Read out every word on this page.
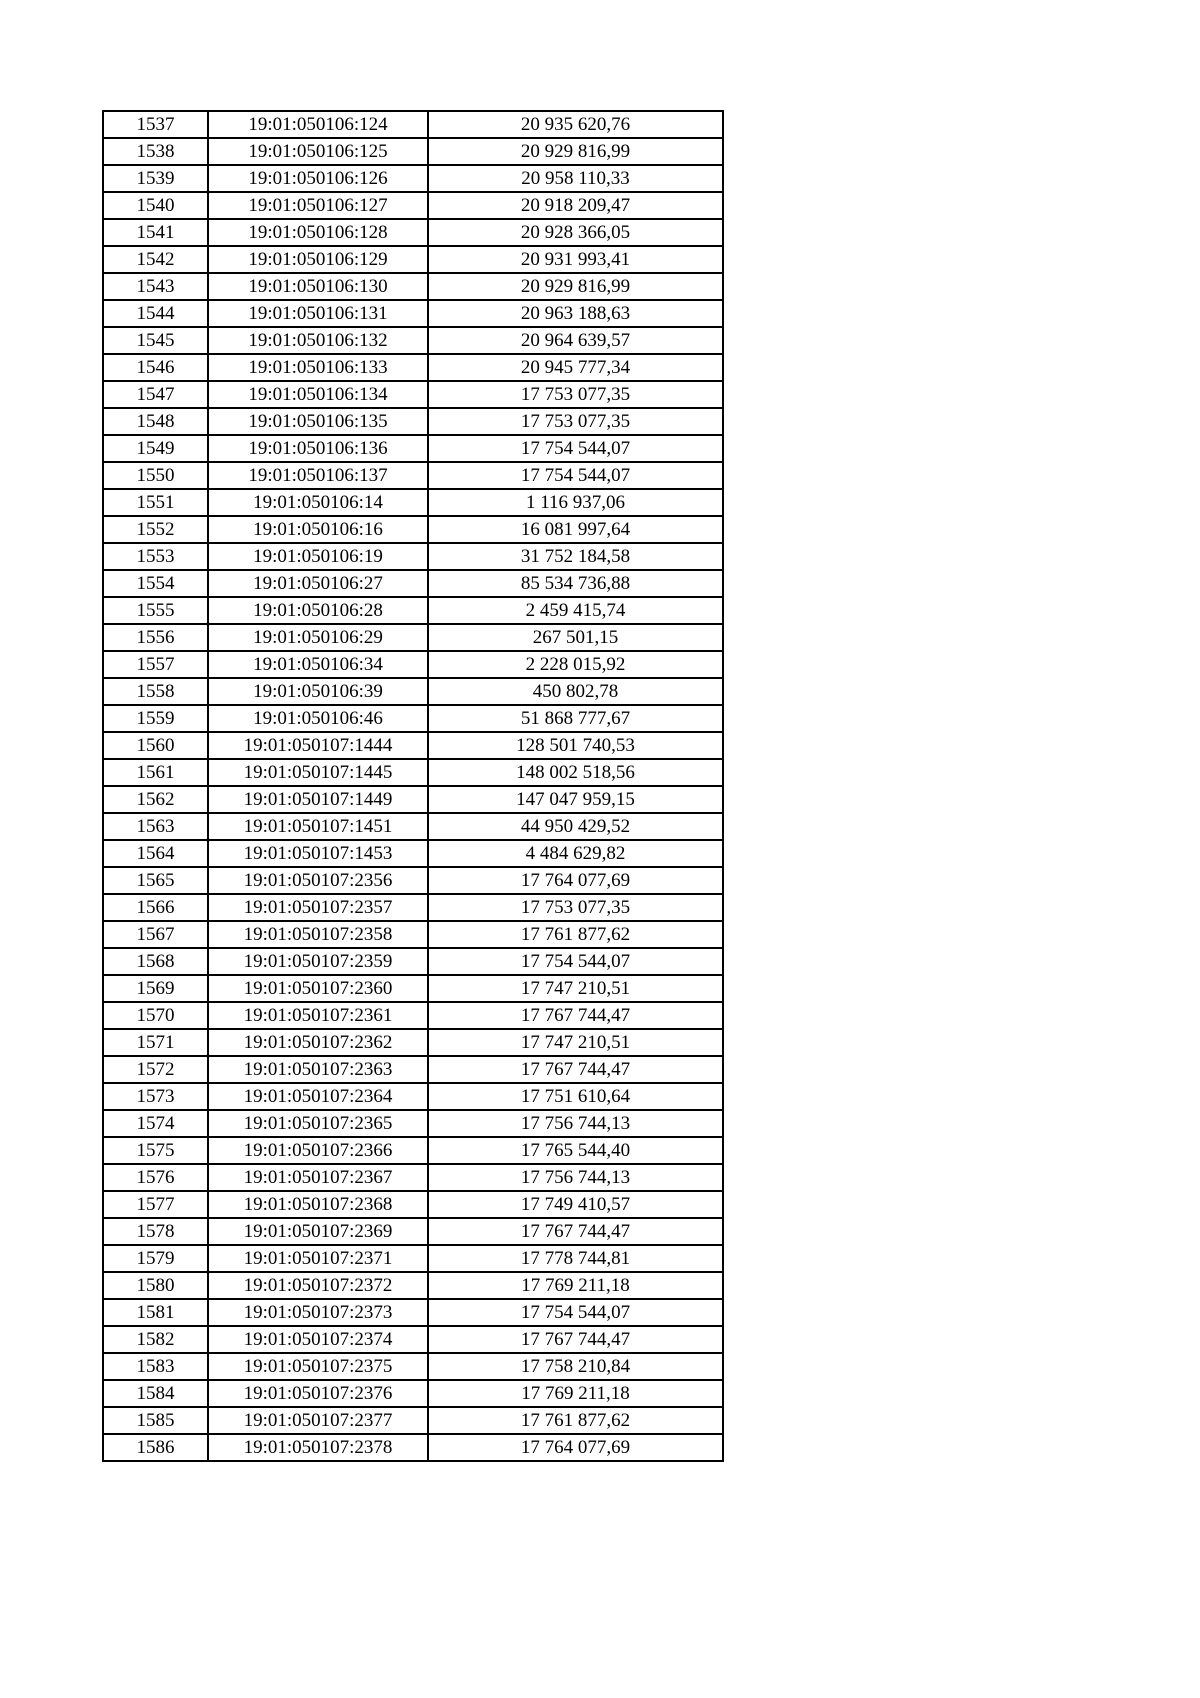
1537	19:01:050106:124	20 935 620,76
1538	19:01:050106:125	20 929 816,99
1539	19:01:050106:126	20 958 110,33
1540	19:01:050106:127	20 918 209,47
1541	19:01:050106:128	20 928 366,05
1542	19:01:050106:129	20 931 993,41
1543	19:01:050106:130	20 929 816,99
1544	19:01:050106:131	20 963 188,63
1545	19:01:050106:132	20 964 639,57
1546	19:01:050106:133	20 945 777,34
1547	19:01:050106:134	17 753 077,35
1548	19:01:050106:135	17 753 077,35
1549	19:01:050106:136	17 754 544,07
1550	19:01:050106:137	17 754 544,07
1551	19:01:050106:14	1 116 937,06
1552	19:01:050106:16	16 081 997,64
1553	19:01:050106:19	31 752 184,58
1554	19:01:050106:27	85 534 736,88
1555	19:01:050106:28	2 459 415,74
1556	19:01:050106:29	267 501,15
1557	19:01:050106:34	2 228 015,92
1558	19:01:050106:39	450 802,78
1559	19:01:050106:46	51 868 777,67
1560	19:01:050107:1444	128 501 740,53
1561	19:01:050107:1445	148 002 518,56
1562	19:01:050107:1449	147 047 959,15
1563	19:01:050107:1451	44 950 429,52
1564	19:01:050107:1453	4 484 629,82
1565	19:01:050107:2356	17 764 077,69
1566	19:01:050107:2357	17 753 077,35
1567	19:01:050107:2358	17 761 877,62
1568	19:01:050107:2359	17 754 544,07
1569	19:01:050107:2360	17 747 210,51
1570	19:01:050107:2361	17 767 744,47
1571	19:01:050107:2362	17 747 210,51
1572	19:01:050107:2363	17 767 744,47
1573	19:01:050107:2364	17 751 610,64
1574	19:01:050107:2365	17 756 744,13
1575	19:01:050107:2366	17 765 544,40
1576	19:01:050107:2367	17 756 744,13
1577	19:01:050107:2368	17 749 410,57
1578	19:01:050107:2369	17 767 744,47
1579	19:01:050107:2371	17 778 744,81
1580	19:01:050107:2372	17 769 211,18
1581	19:01:050107:2373	17 754 544,07
1582	19:01:050107:2374	17 767 744,47
1583	19:01:050107:2375	17 758 210,84
1584	19:01:050107:2376	17 769 211,18
1585	19:01:050107:2377	17 761 877,62
1586	19:01:050107:2378	17 764 077,69
